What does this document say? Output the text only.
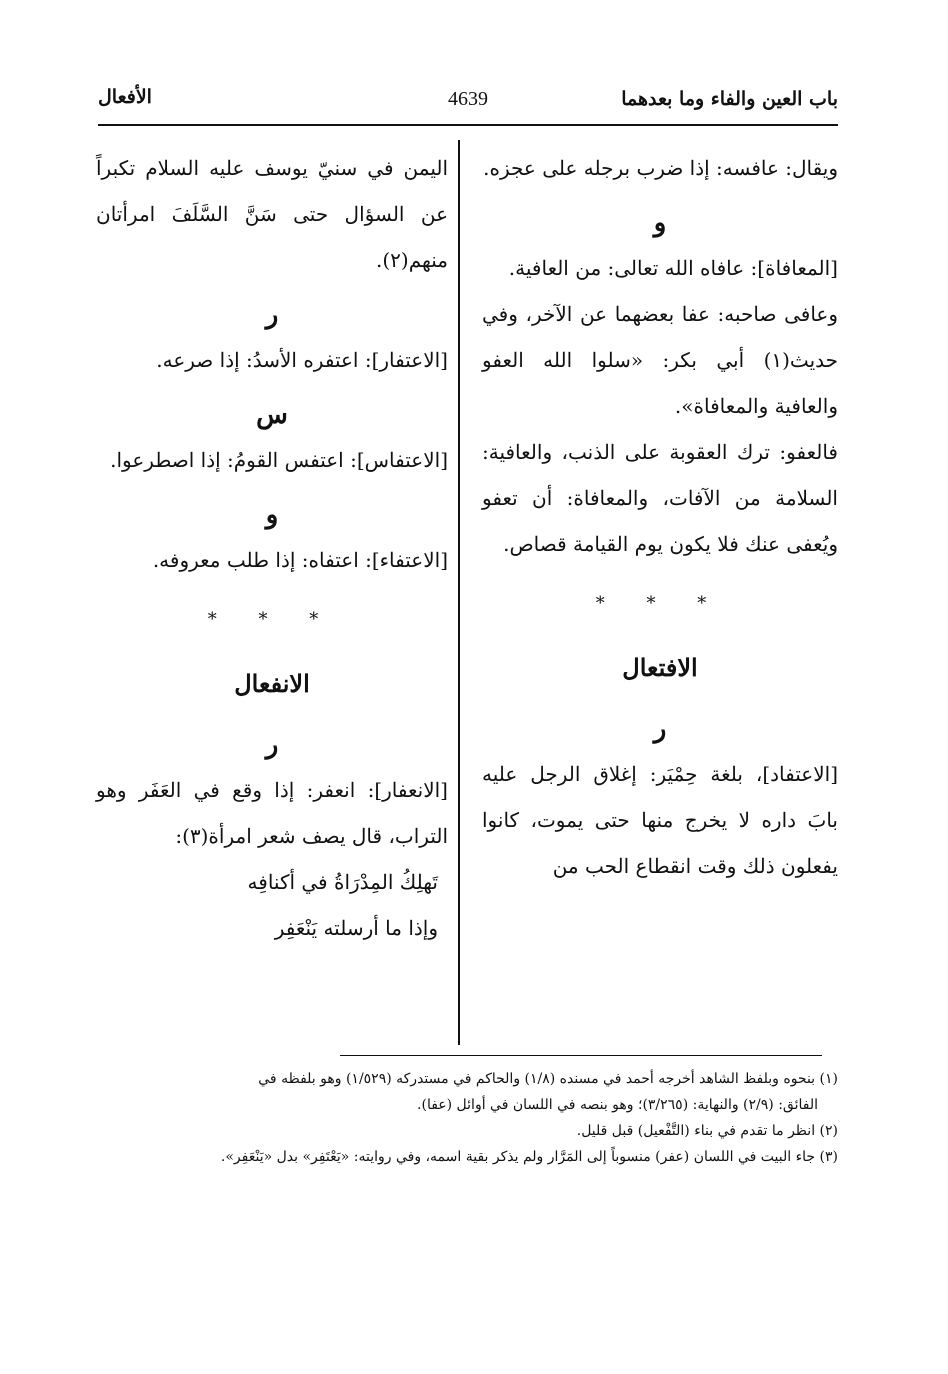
باب العين والفاء وما بعدهما
4639
الأفعال

ويقال: عافسه: إذا ضرب برجله على عجزه.

و

[المعافاة]: عافاه الله تعالى: من العافية.

وعافى صاحبه: عفا بعضهما عن الآخر، وفي حديث(١) أبي بكر: «سلوا الله العفو والعافية والمعافاة».

فالعفو: ترك العقوبة على الذنب، والعافية: السلامة من الآفات، والمعافاة: أن تعفو ويُعفى عنك فلا يكون يوم القيامة قصاص.

* * *

الافتعال

ر

[الاعتفاد]، بلغة حِمْيَر: إغلاق الرجل عليه بابَ داره لا يخرج منها حتى يموت، كانوا يفعلون ذلك وقت انقطاع الحب من

اليمن في سنيّ يوسف عليه السلام تكبراً عن السؤال حتى سَنَّ السَّلَفَ امرأتان منهم(٢).

ر

[الاعتفار]: اعتفره الأسدُ: إذا صرعه.

س

[الاعتفاس]: اعتفس القومُ: إذا اصطرعوا.

و

[الاعتفاء]: اعتفاه: إذا طلب معروفه.

* * *

الانفعال

ر

[الانعفار]: انعفر: إذا وقع في العَفَر وهو التراب، قال يصف شعر امرأة(٣):

تَهلِكُ المِدْرَاةُ في أكنافِه

وإذا ما أرسلته يَنْعَفِر

(١) بنحوه وبلفظ الشاهد أخرجه أحمد في مسنده (١/٨) والحاكم في مستدركه (١/٥٢٩) وهو بلفظه في

الفائق: (٢/٩) والنهاية: (٣/٢٦٥)؛ وهو بنصه في اللسان في أوائل (عفا).

(٢) انظر ما تقدم في بناء (التَّفْعيل) قبل قليل.

(٣) جاء البيت في اللسان (عفر) منسوباً إلى المَرَّار ولم يذكر بقية اسمه، وفي روايته: «يَعْتَفِر» بدل «يَنْعَفِر».
